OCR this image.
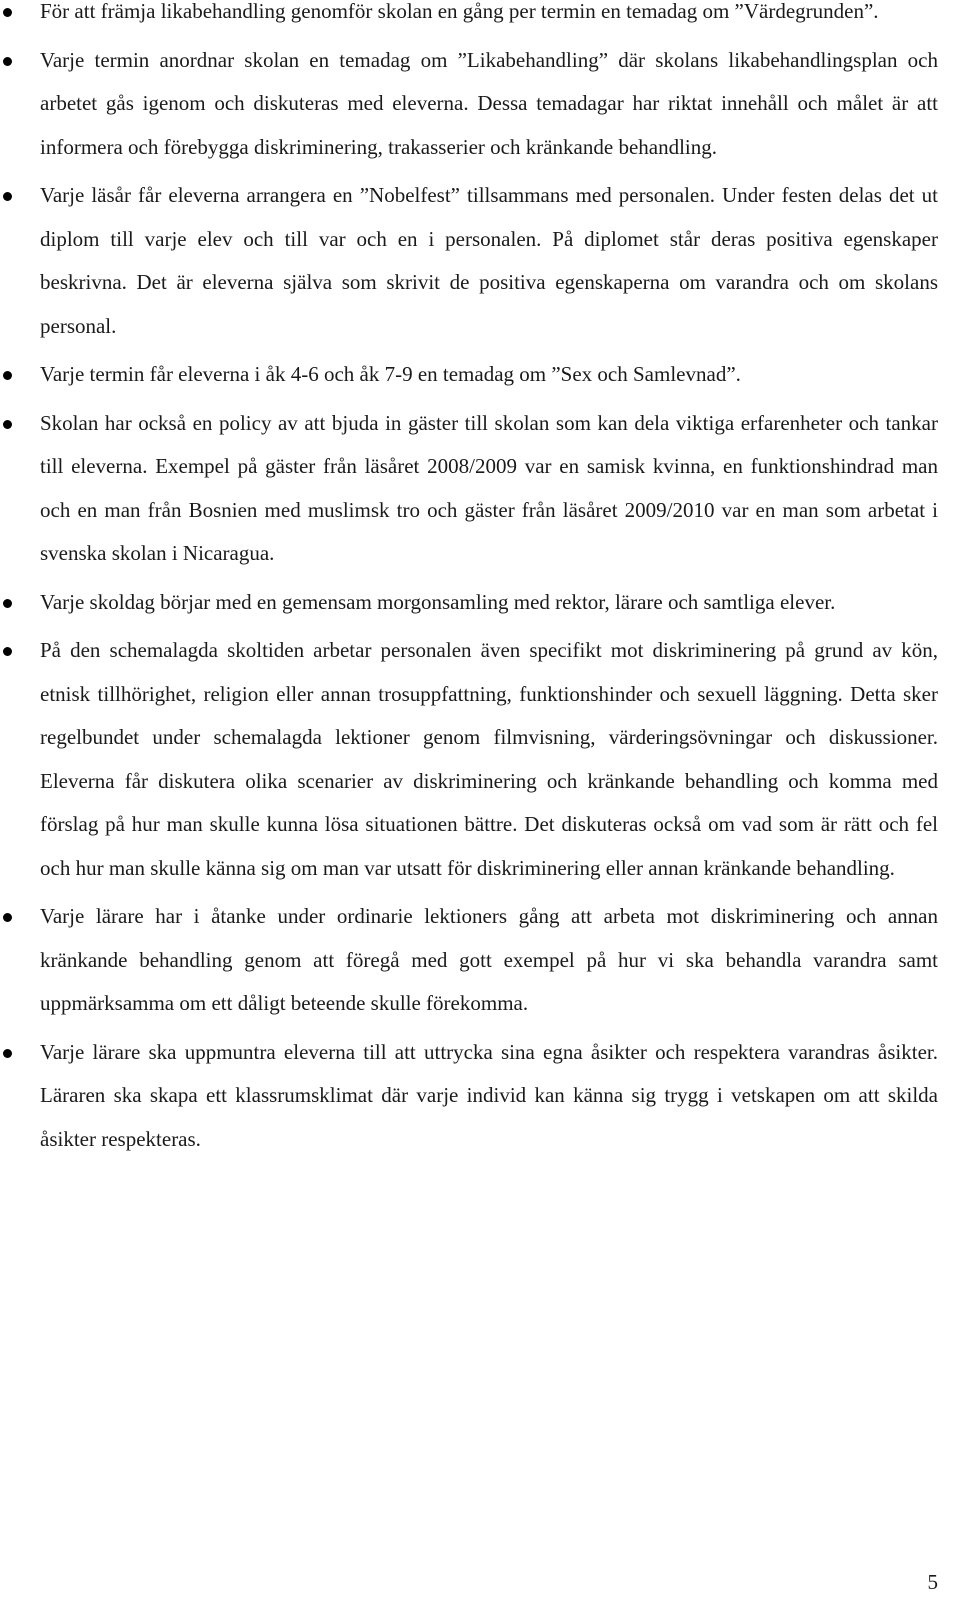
För att främja likabehandling genomför skolan en gång per termin en temadag om ”Värdegrunden”.
Varje termin anordnar skolan en temadag om ”Likabehandling” där skolans likabehandlingsplan och arbetet gås igenom och diskuteras med eleverna. Dessa temadagar har riktat innehåll och målet är att informera och förebygga diskriminering, trakasserier och kränkande behandling.
Varje läsår får eleverna arrangera en ”Nobelfest” tillsammans med personalen. Under festen delas det ut diplom till varje elev och till var och en i personalen. På diplomet står deras positiva egenskaper beskrivna. Det är eleverna själva som skrivit de positiva egenskaperna om varandra och om skolans personal.
Varje termin får eleverna i åk 4-6 och åk 7-9 en temadag om ”Sex och Samlevnad”.
Skolan har också en policy av att bjuda in gäster till skolan som kan dela viktiga erfarenheter och tankar till eleverna. Exempel på gäster från läsåret 2008/2009 var en samisk kvinna, en funktionshindrad man och en man från Bosnien med muslimsk tro och gäster från läsåret 2009/2010 var en man som arbetat i svenska skolan i Nicaragua.
Varje skoldag börjar med en gemensam morgonsamling med rektor, lärare och samtliga elever.
På den schemalagda skoltiden arbetar personalen även specifikt mot diskriminering på grund av kön, etnisk tillhörighet, religion eller annan trosuppfattning, funktionshinder och sexuell läggning. Detta sker regelbundet under schemalagda lektioner genom filmvisning, värderingsövningar och diskussioner. Eleverna får diskutera olika scenarier av diskriminering och kränkande behandling och komma med förslag på hur man skulle kunna lösa situationen bättre. Det diskuteras också om vad som är rätt och fel och hur man skulle känna sig om man var utsatt för diskriminering eller annan kränkande behandling.
Varje lärare har i åtanke under ordinarie lektioners gång att arbeta mot diskriminering och annan kränkande behandling genom att föregå med gott exempel på hur vi ska behandla varandra samt uppmärksamma om ett dåligt beteende skulle förekomma.
Varje lärare ska uppmuntra eleverna till att uttrycka sina egna åsikter och respektera varandras åsikter. Läraren ska skapa ett klassrumsklimat där varje individ kan känna sig trygg i vetskapen om att skilda åsikter respekteras.
5
